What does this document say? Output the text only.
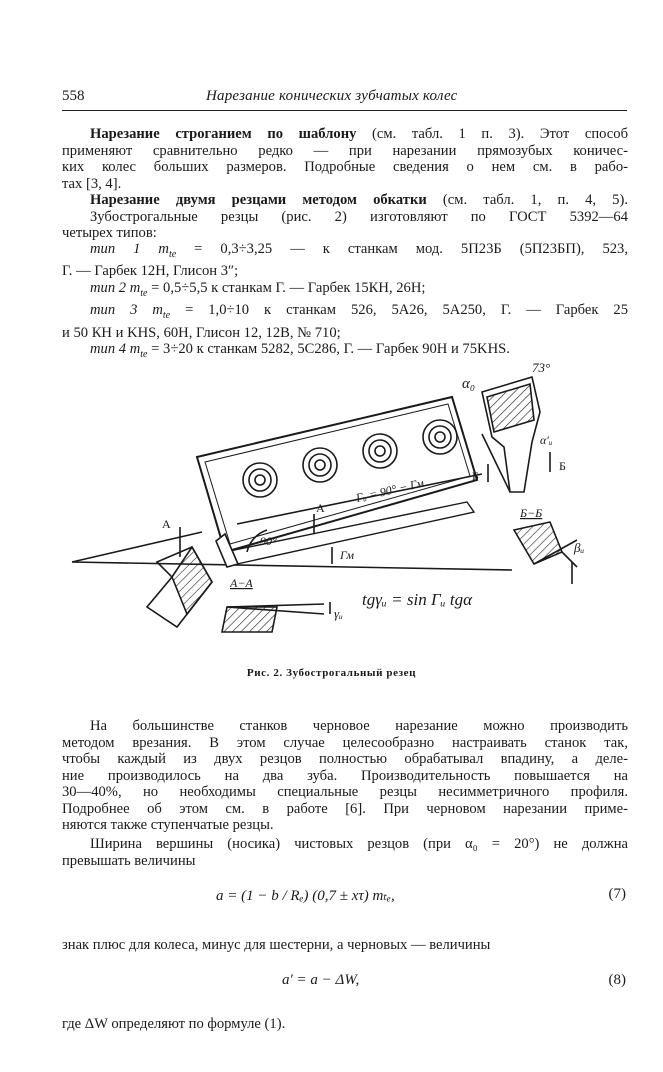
558	Нарезание конических зубчатых колес
Нарезание строганием по шаблону (см. табл. 1 п. 3). Этот способ
применяют сравнительно редко — при нарезании прямозубых коничес-
ких колес больших размеров. Подробные сведения о нем см. в рабо-
тах [3, 4].
Нарезание двумя резцами методом обкатки (см. табл. 1, п. 4, 5).
Зубострогальные резцы (рис. 2) изготовляют по ГОСТ 5392—64
четырех типов:
тип 1 $m_{te} = 0,3\div 3,25$ — к станкам мод. 5П23Б (5П23БП), 523,
Г. — Гарбек 12Н, Глисон 3″;
тип 2 $m_{te} = 0,5\div 5,5$ к станкам Г. — Гарбек 15КН, 26Н;
тип 3 $m_{te} = 1,0\div 10$ к станкам 526, 5А26, 5А250, Г. — Гарбек 25
и 50 КН и KHS, 60Н, Глисон 12, 12В, № 710;
тип 4 $m_{te} = 3\div 20$ к станкам 5282, 5С286, Г. — Гарбек 90Н и 75KHS.
α₀
73°
α′ᵤ
Б
Б
Гᵤ = 90° − Гм
А
А
90°
Гм
А−А
γᵤ
tgγᵤ = sin Гᵤ tgα
Б−Б
βᵤ
Рис. 2. Зубострогальный резец
На большинстве станков черновое нарезание можно производить
методом врезания. В этом случае целесообразно настраивать станок так,
чтобы каждый из двух резцов полностью обрабатывал впадину, а деле-
ние производилось на два зуба. Производительность повышается на
30—40%, но необходимы специальные резцы несимметричного профиля.
Подробнее об этом см. в работе [6]. При черновом нарезании приме-
няются также ступенчатые резцы.
Ширина вершины (носика) чистовых резцов (при α₀ = 20°) не должна
превышать величины
a = (1 − b / Rₑ) (0,7 ± xτ) mₜₑ,	(7)
знак плюс для колеса, минус для шестерни, а черновых — величины
a′ = a − ΔW,	(8)
где ΔW определяют по формуле (1).
